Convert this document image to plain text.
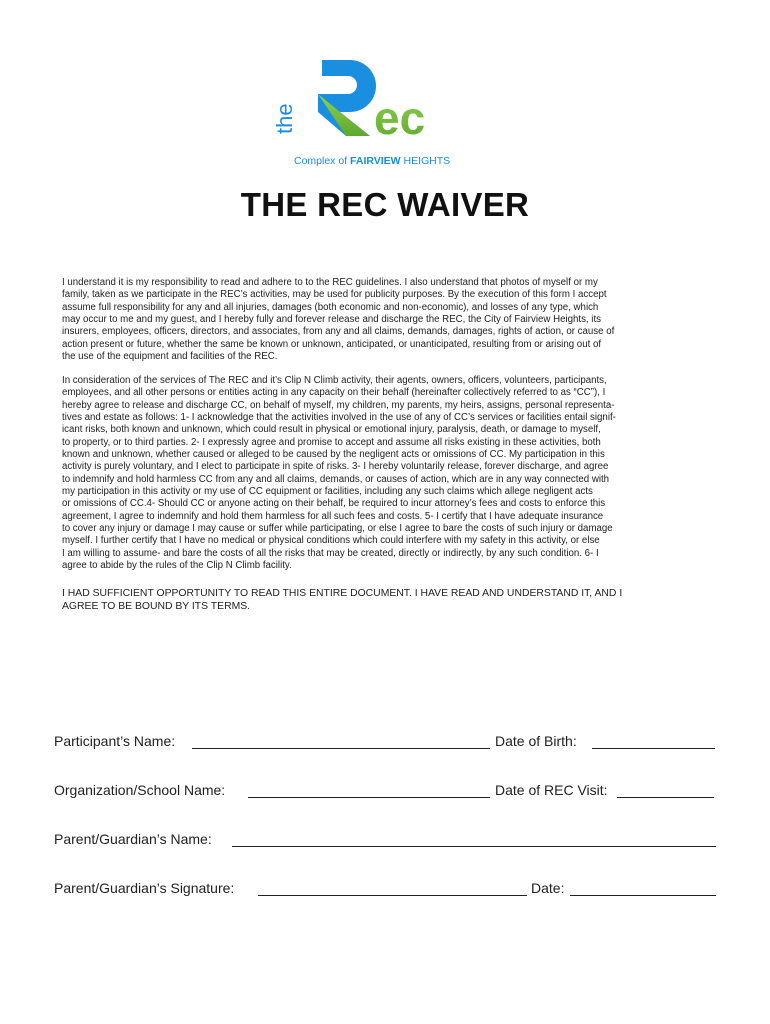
the ec
Complex of FAIRVIEW HEIGHTS
THE REC WAIVER
I understand it is my responsibility to read and adhere to to the REC guidelines. I also understand that photos of myself or my
family, taken as we participate in the REC’s activities, may be used for publicity purposes. By the execution of this form I accept
assume full responsibility for any and all injuries, damages (both economic and non-economic), and losses of any type, which
may occur to me and my guest, and I hereby fully and forever release and discharge the REC, the City of Fairview Heights, its
insurers, employees, officers, directors, and associates, from any and all claims, demands, damages, rights of action, or cause of
action present or future, whether the same be known or unknown, anticipated, or unanticipated, resulting from or arising out of
the use of the equipment and facilities of the REC.
In consideration of the services of The REC and it’s Clip N Climb activity, their agents, owners, officers, volunteers, participants,
employees, and all other persons or entities acting in any capacity on their behalf (hereinafter collectively referred to as “CC”), I
hereby agree to release and discharge CC, on behalf of myself, my children, my parents, my heirs, assigns, personal representa-
tives and estate as follows: 1- I acknowledge that the activities involved in the use of any of CC’s services or facilities entail signif-
icant risks, both known and unknown, which could result in physical or emotional injury, paralysis, death, or damage to myself,
to property, or to third parties. 2- I expressly agree and promise to accept and assume all risks existing in these activities, both
known and unknown, whether caused or alleged to be caused by the negligent acts or omissions of CC. My participation in this
activity is purely voluntary, and I elect to participate in spite of risks. 3- I hereby voluntarily release, forever discharge, and agree
to indemnify and hold harmless CC from any and all claims, demands, or causes of action, which are in any way connected with
my participation in this activity or my use of CC equipment or facilities, including any such claims which allege negligent acts
or omissions of CC.4- Should CC or anyone acting on their behalf, be required to incur attorney’s fees and costs to enforce this
agreement, I agree to indemnify and hold them harmless for all such fees and costs. 5- I certify that I have adequate insurance
to cover any injury or damage I may cause or suffer while participating, or else I agree to bare the costs of such injury or damage
myself. I further certify that I have no medical or physical conditions which could interfere with my safety in this activity, or else
I am willing to assume- and bare the costs of all the risks that may be created, directly or indirectly, by any such condition. 6- I
agree to abide by the rules of the Clip N Climb facility.
I HAD SUFFICIENT OPPORTUNITY TO READ THIS ENTIRE DOCUMENT. I HAVE READ AND UNDERSTAND IT, AND I
AGREE TO BE BOUND BY ITS TERMS.
Participant’s Name:	Date of Birth:
Organization/School Name:	Date of REC Visit:
Parent/Guardian’s Name:
Parent/Guardian’s Signature:	Date:
